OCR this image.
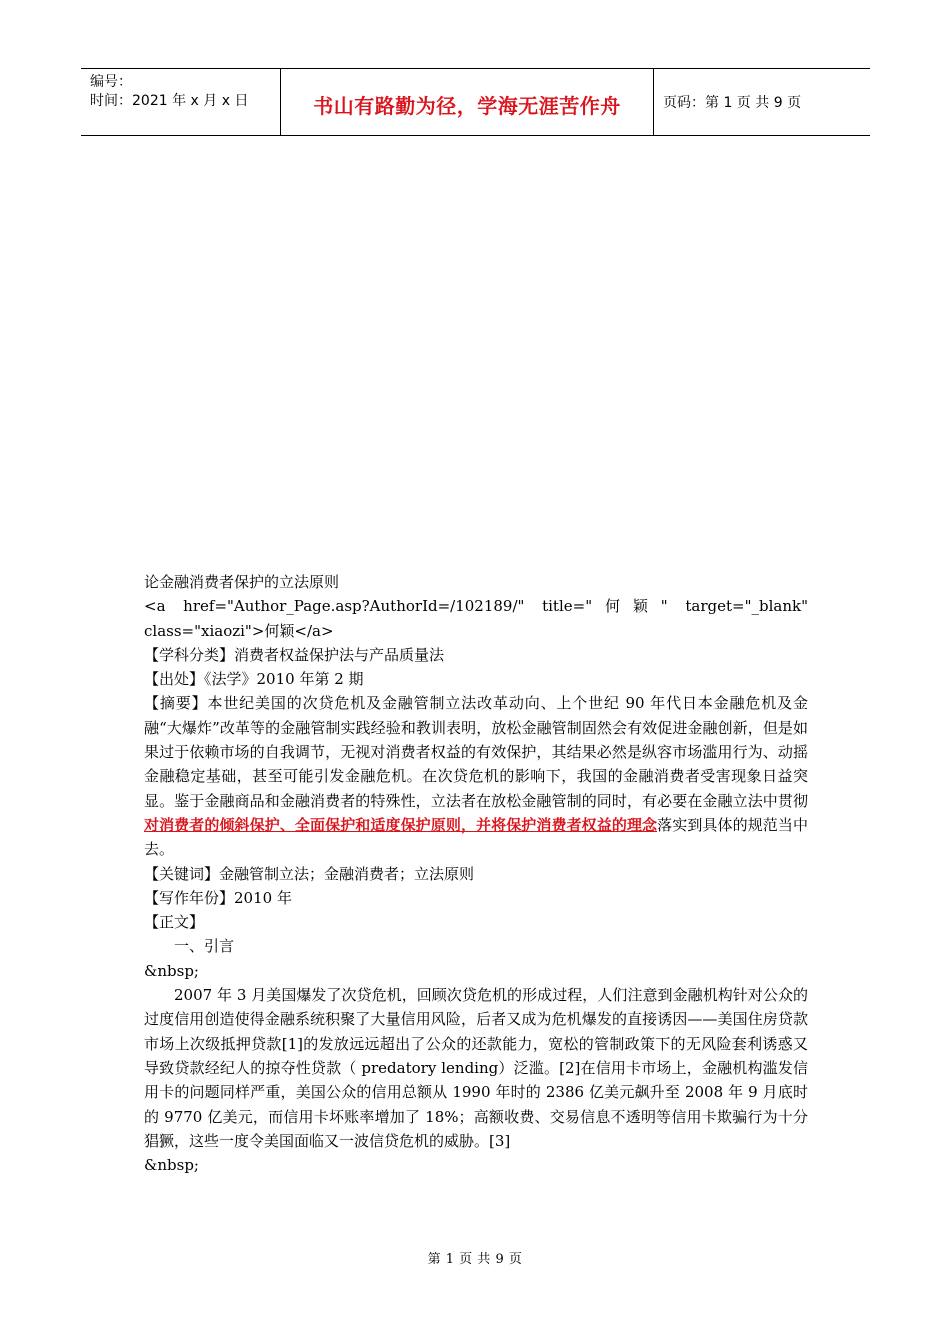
编号：
时间：2021 年 x 月 x 日	书山有路勤为径，学海无涯苦作舟	页码：第 1 页 共 9 页

论金融消费者保护的立法原则

<a href="Author_Page.asp?AuthorId=/102189/" title="何颖" target="_blank" class="xiaozi">何颖</a>

【学科分类】消费者权益保护法与产品质量法

【出处】《法学》2010 年第 2 期

【摘要】本世纪美国的次贷危机及金融管制立法改革动向、上个世纪 90 年代日本金融危机及金融“大爆炸”改革等的金融管制实践经验和教训表明，放松金融管制固然会有效促进金融创新，但是如果过于依赖市场的自我调节，无视对消费者权益的有效保护，其结果必然是纵容市场滥用行为、动摇金融稳定基础，甚至可能引发金融危机。在次贷危机的影响下，我国的金融消费者受害现象日益突显。鉴于金融商品和金融消费者的特殊性，立法者在放松金融管制的同时，有必要在金融立法中贯彻对消费者的倾斜保护、全面保护和适度保护原则，并将保护消费者权益的理念落实到具体的规范当中去。

【关键词】金融管制立法；金融消费者；立法原则

【写作年份】2010 年

【正文】

一、引言

&nbsp;

2007 年 3 月美国爆发了次贷危机，回顾次贷危机的形成过程，人们注意到金融机构针对公众的过度信用创造使得金融系统积聚了大量信用风险，后者又成为危机爆发的直接诱因——美国住房贷款市场上次级抵押贷款[1]的发放远远超出了公众的还款能力，宽松的管制政策下的无风险套利诱惑又导致贷款经纪人的掠夺性贷款（ predatory lending）泛滥。[2]在信用卡市场上，金融机构滥发信用卡的问题同样严重，美国公众的信用总额从 1990 年时的 2386 亿美元飙升至 2008 年 9 月底时的 9770 亿美元，而信用卡坏账率增加了 18%；高额收费、交易信息不透明等信用卡欺骗行为十分猖獗，这些一度令美国面临又一波信贷危机的威胁。[3]

&nbsp;

第 1 页 共 9 页
